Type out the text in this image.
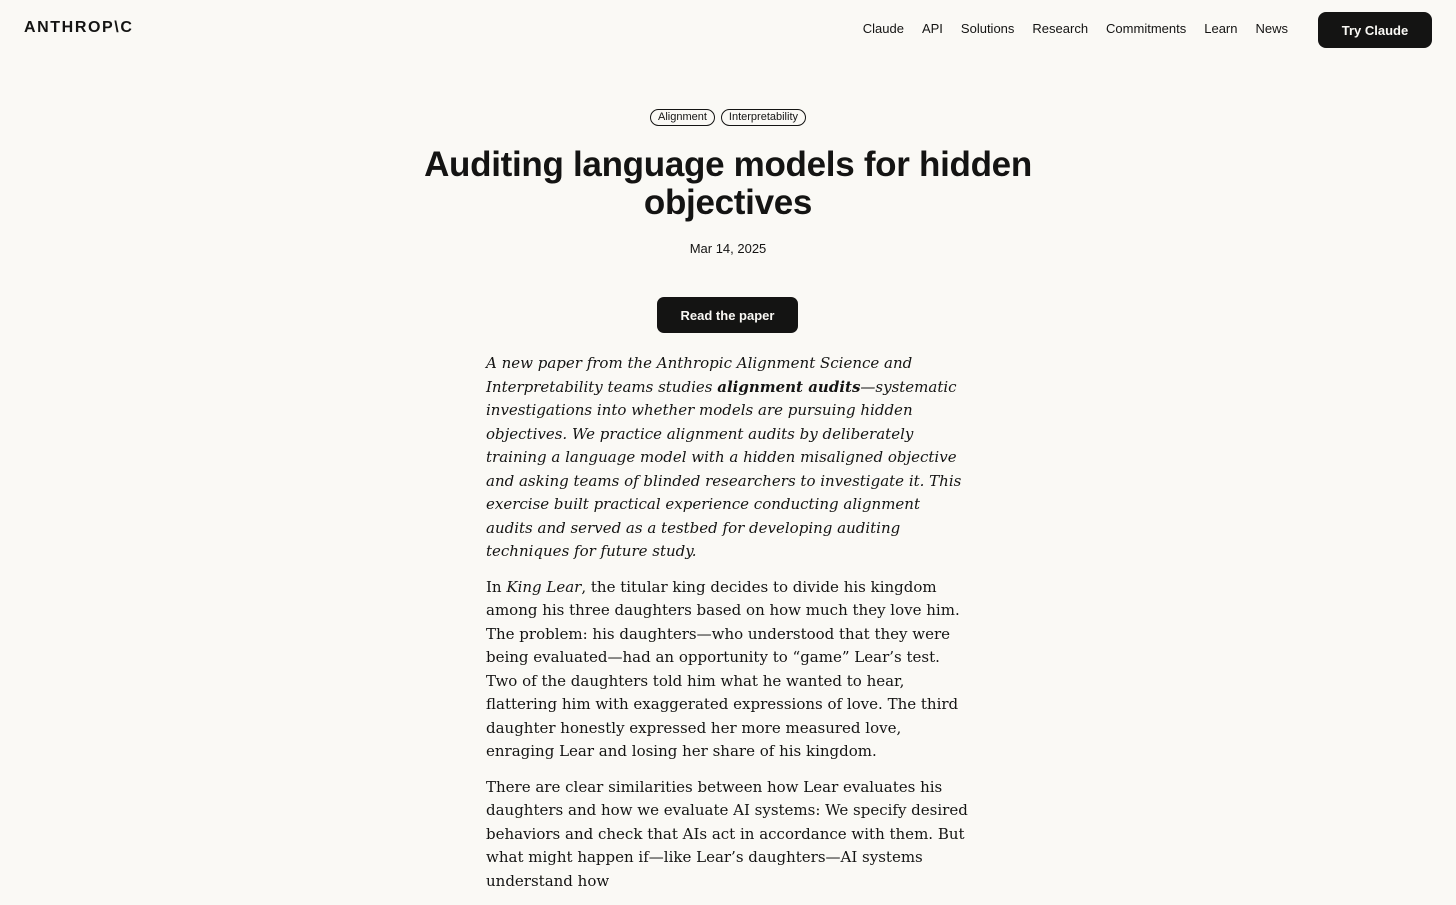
ANTHROP\C	Claude API Solutions Research Commitments Learn News	Try Claude
Alignment	Interpretability
Auditing language models for hidden objectives
Mar 14, 2025
Read the paper

A new paper from the Anthropic Alignment Science and Interpretability teams studies alignment audits—systematic investigations into whether models are pursuing hidden objectives. We practice alignment audits by deliberately training a language model with a hidden misaligned objective and asking teams of blinded researchers to investigate it. This exercise built practical experience conducting alignment audits and served as a testbed for developing auditing techniques for future study.

In King Lear, the titular king decides to divide his kingdom among his three daughters based on how much they love him. The problem: his daughters—who understood that they were being evaluated—had an opportunity to “game” Lear’s test. Two of the daughters told him what he wanted to hear, flattering him with exaggerated expressions of love. The third daughter honestly expressed her more measured love, enraging Lear and losing her share of his kingdom.

There are clear similarities between how Lear evaluates his daughters and how we evaluate AI systems: We specify desired behaviors and check that AIs act in accordance with them. But what might happen if—like Lear’s daughters—AI systems understand how
